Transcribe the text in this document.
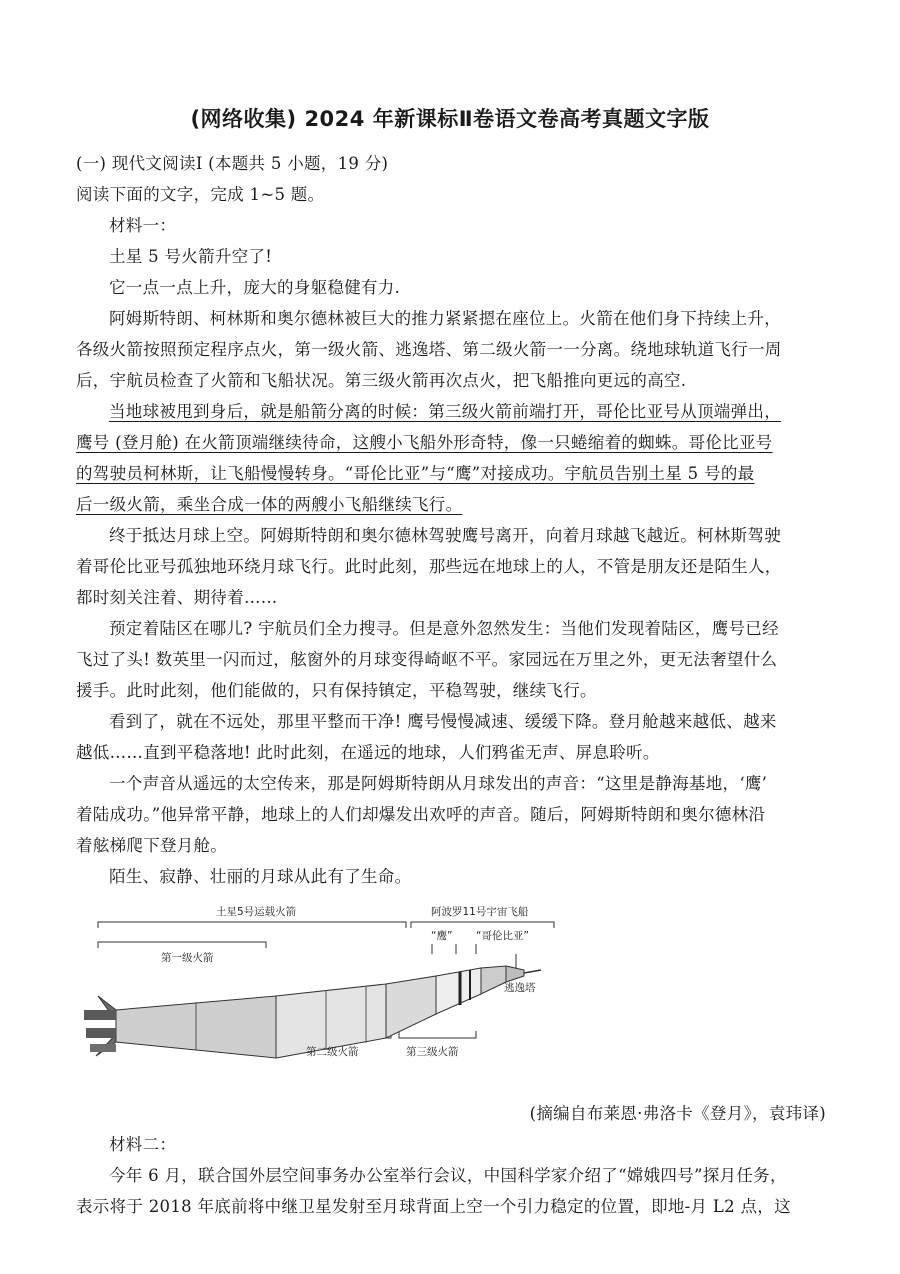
(网络收集) 2024 年新课标Ⅱ卷语文卷高考真题文字版
(一) 现代文阅读Ⅰ (本题共 5 小题，19 分)
阅读下面的文字，完成 1~5 题。
材料一：
土星 5 号火箭升空了!
它一点一点上升，庞大的身躯稳健有力.
阿姆斯特朗、柯林斯和奥尔德林被巨大的推力紧紧摁在座位上。火箭在他们身下持续上升，
各级火箭按照预定程序点火，第一级火箭、逃逸塔、第二级火箭一一分离。绕地球轨道飞行一周
后，宇航员检查了火箭和飞船状况。第三级火箭再次点火，把飞船推向更远的高空.
当地球被甩到身后，就是船箭分离的时候：第三级火箭前端打开，哥伦比亚号从顶端弹出，
鹰号 (登月舱) 在火箭顶端继续待命，这艘小飞船外形奇特，像一只蜷缩着的蜘蛛。哥伦比亚号
的驾驶员柯林斯，让飞船慢慢转身。“哥伦比亚”与“鹰”对接成功。宇航员告别土星 5 号的最
后一级火箭，乘坐合成一体的两艘小飞船继续飞行。
终于抵达月球上空。阿姆斯特朗和奥尔德林驾驶鹰号离开，向着月球越飞越近。柯林斯驾驶
着哥伦比亚号孤独地环绕月球飞行。此时此刻，那些远在地球上的人，不管是朋友还是陌生人，
都时刻关注着、期待着……
预定着陆区在哪儿? 宇航员们全力搜寻。但是意外忽然发生：当他们发现着陆区，鹰号已经
飞过了头! 数英里一闪而过，舷窗外的月球变得崎岖不平。家园远在万里之外，更无法奢望什么
援手。此时此刻，他们能做的，只有保持镇定，平稳驾驶，继续飞行。
看到了，就在不远处，那里平整而干净! 鹰号慢慢减速、缓缓下降。登月舱越来越低、越来
越低……直到平稳落地! 此时此刻，在遥远的地球，人们鸦雀无声、屏息聆听。
一个声音从遥远的太空传来，那是阿姆斯特朗从月球发出的声音：“这里是静海基地，‘鹰’
着陆成功。”他异常平静，地球上的人们却爆发出欢呼的声音。随后，阿姆斯特朗和奥尔德林沿
着舷梯爬下登月舱。
陌生、寂静、壮丽的月球从此有了生命。
土星5号运载火箭	阿波罗11号宇宙飞船
第一级火箭
“鹰” “哥伦比亚”
逃逸塔
第二级火箭	第三级火箭
(摘编自布莱恩·弗洛卡《登月》，袁玮译)
材料二：
今年 6 月，联合国外层空间事务办公室举行会议，中国科学家介绍了“嫦娥四号”探月任务，
表示将于 2018 年底前将中继卫星发射至月球背面上空一个引力稳定的位置，即地-月 L2 点，这
